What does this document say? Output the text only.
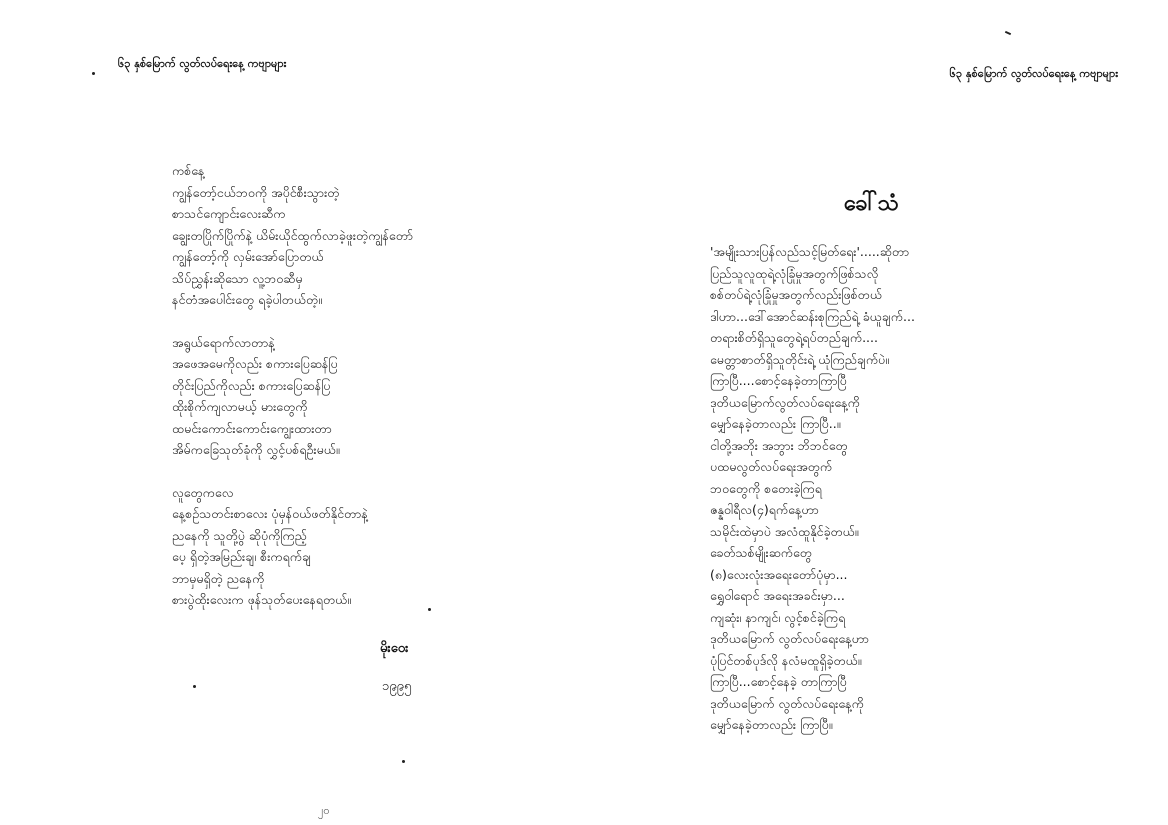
၆၃ နှစ်မြောက် လွတ်လပ်ရေးနေ့ ကဗျာများ
ကစ်နေ့
ကျွန်တော့်ငယ်ဘဝကို အပိုင်စီးသွားတဲ့
စာသင်ကျောင်းလေးဆီက
ချွေးတပြိုက်ပြိုက်နဲ့ ယိမ်းယိုင်ထွက်လာခဲ့ဖူးတဲ့ကျွန်တော်
ကျွန်တော့်ကို လှမ်းအော်ပြောတယ်
သိပ်ညွှန်းဆိုသော လူ့ဘဝဆီမှ
နင်တံအပေါင်းတွေ ရခဲ့ပါတယ်တဲ့။
အရွယ်ရောက်လာတာနဲ့
အဖေအမေကိုလည်း စကားပြေဆန်ပြ
တိုင်းပြည်ကိုလည်း စကားပြေဆန်ပြ
ထိုးစိုက်ကျလာမယ့် မားတွေကို
ထမင်းကောင်းကောင်းကျွေးထားတာ
အိမ်ကခြေသုတ်ခုံကို လွှင့်ပစ်ရဦးမယ်။
လူတွေကလေ
နေ့စဉ်သတင်းစာလေး ပုံမှန်ဝယ်ဖတ်နိုင်တာနဲ့
ညနေကို သူတို့ပွဲ ဆိုပုံကိုကြည့်
ပေ့ ရှိတဲ့အမြည်းချ၊ စီးကရက်ချ
ဘာမှမရှိတဲ့ ညနေကို
စားပွဲထိုးလေးက ဖုန်သုတ်ပေးနေရတယ်။
မိုးဝေး
၁၉၉၅
၂၀
၆၃ နှစ်မြောက် လွတ်လပ်ရေးနေ့ ကဗျာများ
ခေါ်သံ
'အမျိုးသားပြန်လည်သင့်မြတ်ရေး'.....ဆိုတာ
ပြည်သူလူထုရဲ့လုံခြုံမှုအတွက်ဖြစ်သလို
စစ်တပ်ရဲ့လုံခြုံမှုအတွက်လည်းဖြစ်တယ်
ဒါဟာ...ဒေါ်အောင်ဆန်းစုကြည်ရဲ့ ခံယူချက်...
တရားစိတ်ရှိသူတွေရဲ့ရပ်တည်ချက်....
မေတ္တာစာတ်ရှိသူတိုင်းရဲ့ ယုံကြည်ချက်ပဲ။
ကြာပြီ....စောင့်နေခဲ့တာကြာပြီ
ဒုတိယမြောက်လွတ်လပ်ရေးနေ့ကို
မျှော်နေခဲ့တာလည်း ကြာပြီ..။
ငါတို့အဘိုး အဘွား ဘိဘင်တွေ
ပထမလွတ်လပ်ရေးအတွက်
ဘဝတွေကို စတေးခဲ့ကြရ
ဇန္နဝါရီလ(၄)ရက်နေ့ဟာ
သမိုင်းထဲမှာပဲ အလံထူနိုင်ခဲ့တယ်။
ခေတ်သစ်မျိုးဆက်တွေ
(၈)လေးလုံးအရေးတော်ပုံမှာ...
ရွှေဝါရောင် အရေးအခင်းမှာ...
ကျဆုံး၊ နာကျင်၊ လွင့်စင်ခဲ့ကြရ
ဒုတိယမြောက် လွတ်လပ်ရေးနေ့ဟာ
ပုံပြင်တစ်ပုဒ်လို နလံမထူရှိခဲ့တယ်။
ကြာပြီ...စောင့်နေခဲ့ တာကြာပြီ
ဒုတိယမြောက် လွတ်လပ်ရေးနေ့ကို
မျှော်နေခဲ့တာလည်း ကြာပြီ။
